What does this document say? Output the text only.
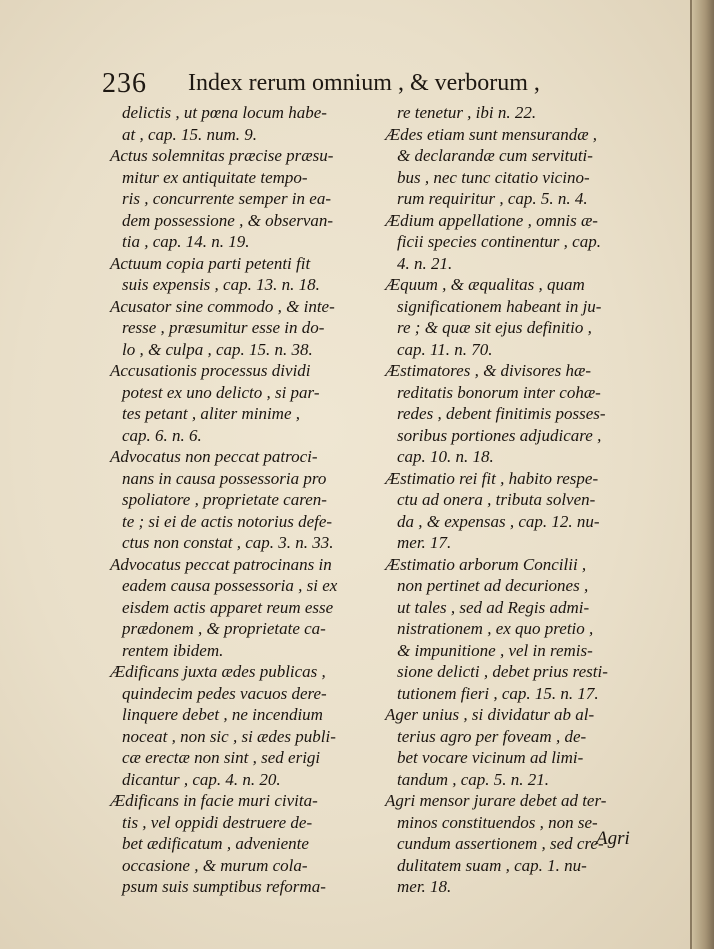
236 Index rerum omnium , & verborum ,
delictis , ut pœna locum habe-
at , cap. 15. num. 9.
Actus solemnitas præcise præsu-
mitur ex antiquitate tempo-
ris , concurrente semper in ea-
dem possessione , & observan-
tia , cap. 14. n. 19.
Actuum copia parti petenti fit
suis expensis , cap. 13. n. 18.
Acusator sine commodo , & inte-
resse , præsumitur esse in do-
lo , & culpa , cap. 15. n. 38.
Accusationis processus dividi
potest ex uno delicto , si par-
tes petant , aliter minime ,
cap. 6. n. 6.
Advocatus non peccat patroci-
nans in causa possessoria pro
spoliatore , proprietate caren-
te ; si ei de actis notorius defe-
ctus non constat , cap. 3. n. 33.
Advocatus peccat patrocinans in
eadem causa possessoria , si ex
eisdem actis apparet reum esse
prædonem , & proprietate ca-
rentem ibidem.
Ædificans juxta ædes publicas ,
quindecim pedes vacuos dere-
linquere debet , ne incendium
noceat , non sic , si ædes publi-
cæ erectæ non sint , sed erigi
dicantur , cap. 4. n. 20.
Ædificans in facie muri civita-
tis , vel oppidi destruere de-
bet ædificatum , adveniente
occasione , & murum cola-
psum suis sumptibus reforma-
re tenetur , ibi n. 22.
Ædes etiam sunt mensurandæ ,
& declarandæ cum servituti-
bus , nec tunc citatio vicino-
rum requiritur , cap. 5. n. 4.
Ædium appellatione , omnis æ-
ficii species continentur , cap.
4. n. 21.
Æquum , & æqualitas , quam
significationem habeant in ju-
re ; & quæ sit ejus definitio ,
cap. 11. n. 70.
Æstimatores , & divisores hæ-
reditatis bonorum inter cohæ-
redes , debent finitimis posses-
soribus portiones adjudicare ,
cap. 10. n. 18.
Æstimatio rei fit , habito respe-
ctu ad onera , tributa solven-
da , & expensas , cap. 12. nu-
mer. 17.
Æstimatio arborum Concilii ,
non pertinet ad decuriones ,
ut tales , sed ad Regis admi-
nistrationem , ex quo pretio ,
& impunitione , vel in remis-
sione delicti , debet prius resti-
tutionem fieri , cap. 15. n. 17.
Ager unius , si dividatur ab al-
terius agro per foveam , de-
bet vocare vicinum ad limi-
tandum , cap. 5. n. 21.
Agri mensor jurare debet ad ter-
minos constituendos , non se-
cundum assertionem , sed cre-
dulitatem suam , cap. 1. nu-
mer. 18.
Agri
